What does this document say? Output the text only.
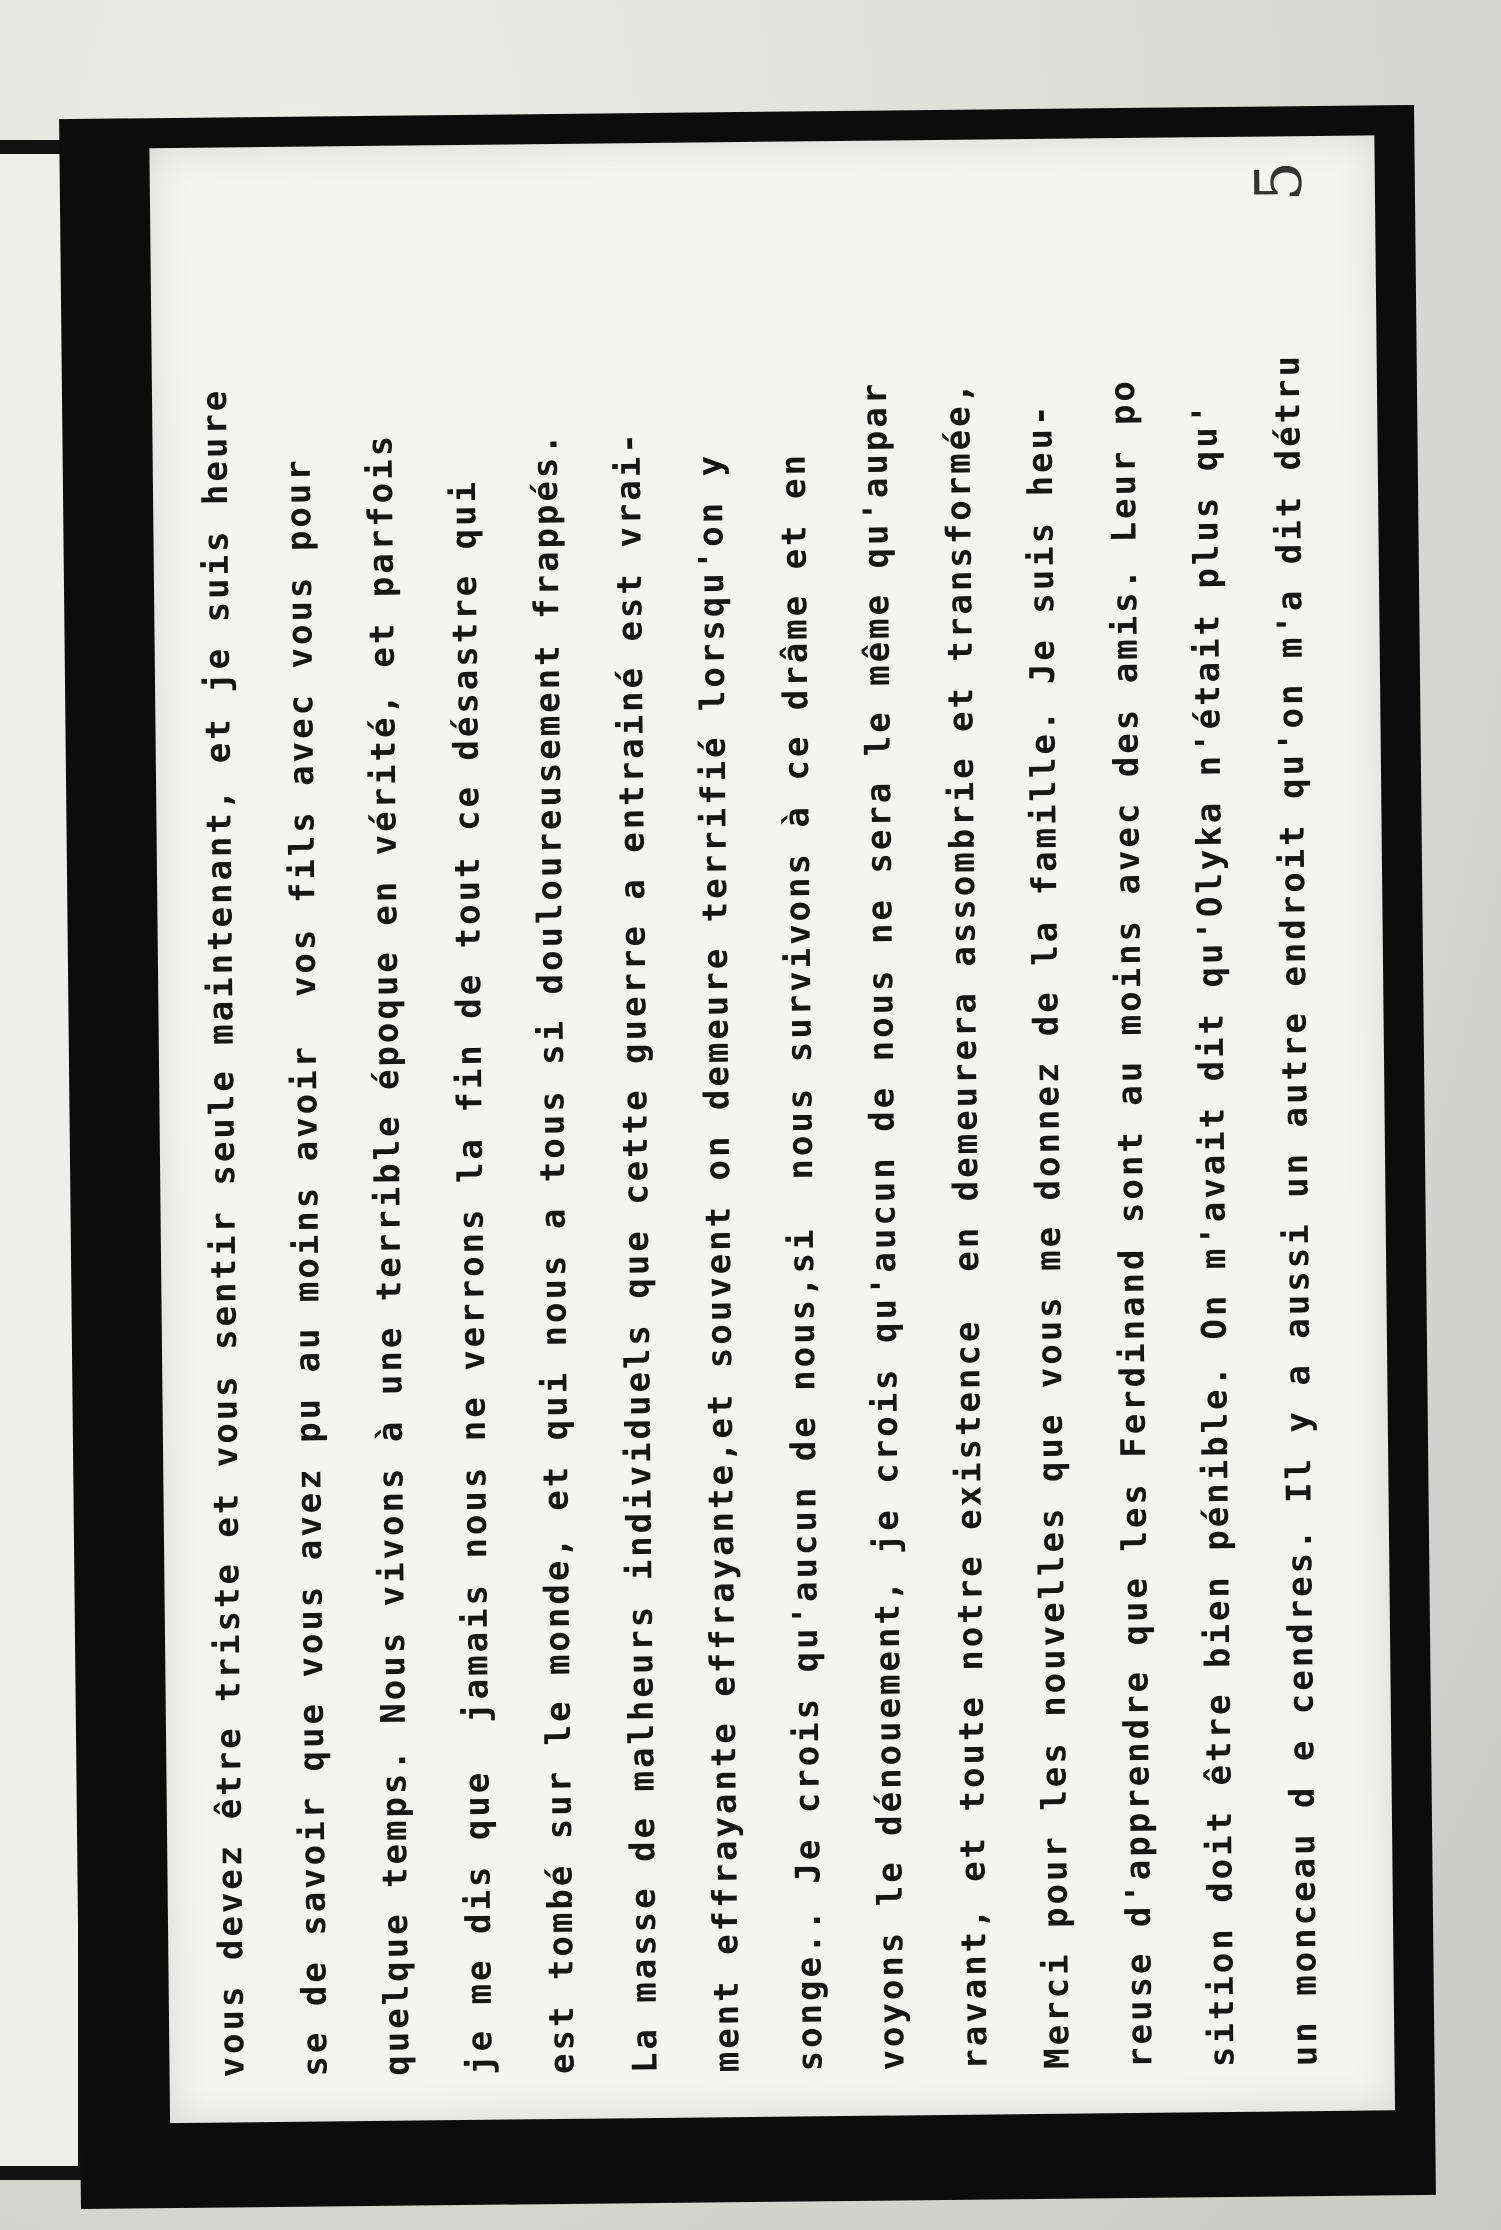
5
vous devez être triste et vous sentir seule maintenant, et je suis heure se de savoir que vous avez pu au moins avoir  vos fils avec vous pour quelque temps. Nous vivons à une terrible époque en vérité, et parfois je me dis que  jamais nous ne verrons la fin de tout ce désastre qui est tombé sur le monde, et qui nous a tous si douloureusement frappés. La masse de malheurs individuels que cette guerre a entrainé est vrai- ment effrayante effrayante,et souvent on demeure terrifié lorsqu'on y songe.. Je crois qu'aucun de nous,si  nous survivons à ce drâme et en voyons le dénouement, je crois qu'aucun de nous ne sera le même qu'aupar ravant, et toute notre existence  en demeurera assombrie et transformée, Merci pour les nouvelles que vous me donnez de la famille. Je suis heu- reuse d'apprendre que les Ferdinand sont au moins avec des amis. Leur po sition doit être bien pénible. On m'avait dit qu'Olyka n'était plus qu' un monceau d e cendres. Il y a aussi un autre endroit qu'on m'a dit détru
